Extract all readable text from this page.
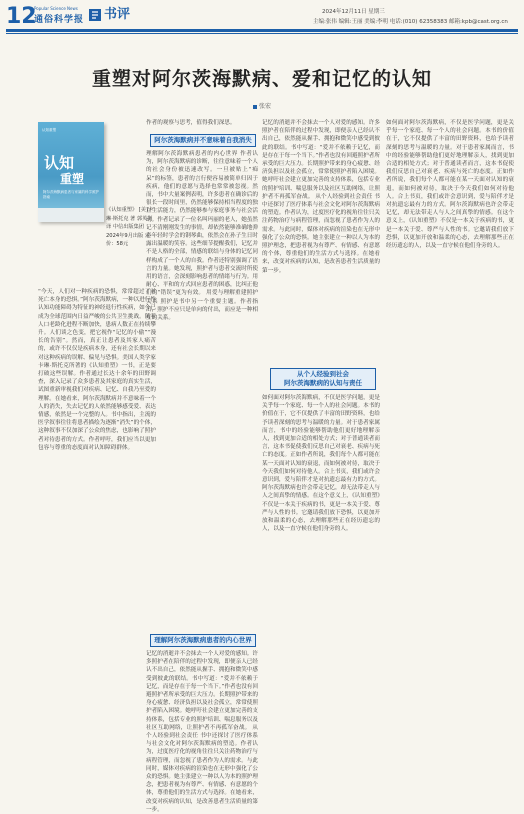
12
Popular Science News
通俗科学报 书评	2024年12月11日 星期三
主编:张伟 编辑:王丽 美编:李明 电话:(010) 62358383 邮箱:kpb@cast.org.cn
重塑对阿尔茨海默病、爱和记忆的认知
张宏
认知重塑
认知
重塑
阿尔茨海默病患者与家属的科学照护指南
《认知重塑》 [美]卡琳·斯托克 著 郭英剑 译 中信出版集团 2024年9月出版 定价：58元
“今天，人们对一种疾病的恐惧，常常超过了对死亡本身的恐惧。”阿尔茨海默病，一种以进行性认知功能障碍为特征的神经退行性疾病，如今已成为全球范围内日益严峻的公共卫生挑战。随着人口老龄化进程不断加快，患病人数正在持续攀升。人们谈之色变，把它视作“记忆的小偷”“漫长的告别”。然而，真正让患者及其家人痛苦的，或许不仅仅是疾病本身，还有社会长期以来对这种疾病的误解、偏见与恐惧。美国人类学家卡琳·斯托克所著的《认知重塑》一书，正是要打破这些误解。作者通过长达十余年的田野调查，深入记录了众多患者及其家庭的真实生活，试图重新审视我们对疾病、记忆、自我乃至爱的理解。在她看来，阿尔茨海默病并不意味着一个人的消失，失去记忆的人依然能够感受爱、表达情感，依然是一个完整的人。书中指出，主流的医学叙事往往将患者描绘为逐渐“消失”的个体，这种叙事不仅加深了公众的焦虑，也影响了照护者对待患者的方式。作者呼吁，我们应当以更加包容与尊重的态度面对认知障碍群体。
作者的观察与思考，值得我们深思。
阿尔茨海默病并不意味着自我消失
理解阿尔茨海默病患者的内心世界 作者认为，阿尔茨海默病的诊断，往往意味着一个人的社会身份被迅速改写。一旦被贴上“痴呆”的标签，患者的言行便容易被简单归因于疾病，他们的意愿与选择也常常被忽视。然而，书中大量案例表明，许多患者在确诊后的很长一段时间里，仍然能够保持相当程度的独立生活能力，仍然能够参与家庭事务与社会活动。作者记录了一位名叫玛丽的老人，她虽然记不清刚刚发生的事情，却依然能够准确地弹奏年轻时学会的钢琴曲，依然会在孙子生日时露出温暖的笑容。这些细节提醒我们，记忆并不是人格的全部，情感的联结与身体的记忆同样构成了一个人的自我。作者还特别强调了语言的力量。她发现，照护者与患者交流时所使用的语言，会深刻影响患者的情绪与行为。用耐心、平和的方式回应患者的困惑，比纠正他们的“错误”更为有效。 用爱与理解重建照护关系 照护是书中另一个重要主题。作者指出，照护不应只是单向的付出，而应是一种相互的关系。
理解阿尔茨海默病患者的内心世界
记忆的消逝并不会抹去一个人对爱的感知。许多照护者在陪伴的过程中发现，即便亲人已经认不出自己，依然能从握手、拥抱和微笑中感受到彼此的联结。书中写道：“爱并不依赖于记忆，而是存在于每一个当下。”作者也没有回避照护者所承受的巨大压力。长期照护带来的身心疲惫、经济负担以及社会孤立，常常使照护者陷入困境。她呼吁社会建立更加完善的支持体系，包括专业的照护培训、喘息服务以及社区互助网络，让照护者不再孤军奋战。 从个人经验到社会责任 书中还探讨了医疗体系与社会文化对阿尔茨海默病的塑造。作者认为，过度医疗化的视角往往只关注药物治疗与病程管理，而忽视了患者作为人的需求。与此同时，媒体对疾病的渲染也在无形中强化了公众的恐惧。她主张建立一种以人为本的照护理念，把患者视为有尊严、有情感、有意愿的个体，尊重他们的生活方式与选择。在她看来，改变对疾病的认知，是改善患者生活质量的第一步。
记忆的消逝并不会抹去一个人对爱的感知。许多照护者在陪伴的过程中发现，即便亲人已经认不出自己，依然能从握手、拥抱和微笑中感受到彼此的联结。书中写道：“爱并不依赖于记忆，而是存在于每一个当下。”作者也没有回避照护者所承受的巨大压力。长期照护带来的身心疲惫、经济负担以及社会孤立，常常使照护者陷入困境。她呼吁社会建立更加完善的支持体系，包括专业的照护培训、喘息服务以及社区互助网络，让照护者不再孤军奋战。 从个人经验到社会责任 书中还探讨了医疗体系与社会文化对阿尔茨海默病的塑造。作者认为，过度医疗化的视角往往只关注药物治疗与病程管理，而忽视了患者作为人的需求。与此同时，媒体对疾病的渲染也在无形中强化了公众的恐惧。她主张建立一种以人为本的照护理念，把患者视为有尊严、有情感、有意愿的个体，尊重他们的生活方式与选择。在她看来，改变对疾病的认知，是改善患者生活质量的第一步。
从个人经验到社会
阿尔茨海默病的认知与责任
如何面对阿尔茨海默病，不仅是医学问题，更是关乎每一个家庭、每一个人的社会问题。本书的价值在于，它不仅提供了丰富的田野资料，也给予读者深刻的思考与温暖的力量。对于患者家属而言，书中的经验能够帮助他们更好地理解亲人，找到更加合适的相处方式；对于普通读者而言，这本书促使我们反思自己对衰老、疾病与死亡的态度。正如作者所说，我们每个人都可能在某一天面对认知的衰退，而如何被对待，取决于今天我们如何对待他人。合上书页，我们或许会意识到，爱与陪伴才是对抗遗忘最有力的方式。阿尔茨海默病也许会带走记忆，却无法带走人与人之间真挚的情感。在这个意义上，《认知重塑》不仅是一本关于疾病的书，更是一本关于爱、尊严与人性的书。它邀请我们放下恐惧，以更加开放和温柔的心态，去理解那些正在经历遗忘的人，以及一直守候在他们身旁的人。
如何面对阿尔茨海默病，不仅是医学问题，更是关乎每一个家庭、每一个人的社会问题。本书的价值在于，它不仅提供了丰富的田野资料，也给予读者深刻的思考与温暖的力量。对于患者家属而言，书中的经验能够帮助他们更好地理解亲人，找到更加合适的相处方式；对于普通读者而言，这本书促使我们反思自己对衰老、疾病与死亡的态度。正如作者所说，我们每个人都可能在某一天面对认知的衰退，而如何被对待，取决于今天我们如何对待他人。合上书页，我们或许会意识到，爱与陪伴才是对抗遗忘最有力的方式。阿尔茨海默病也许会带走记忆，却无法带走人与人之间真挚的情感。在这个意义上，《认知重塑》不仅是一本关于疾病的书，更是一本关于爱、尊严与人性的书。它邀请我们放下恐惧，以更加开放和温柔的心态，去理解那些正在经历遗忘的人，以及一直守候在他们身旁的人。
